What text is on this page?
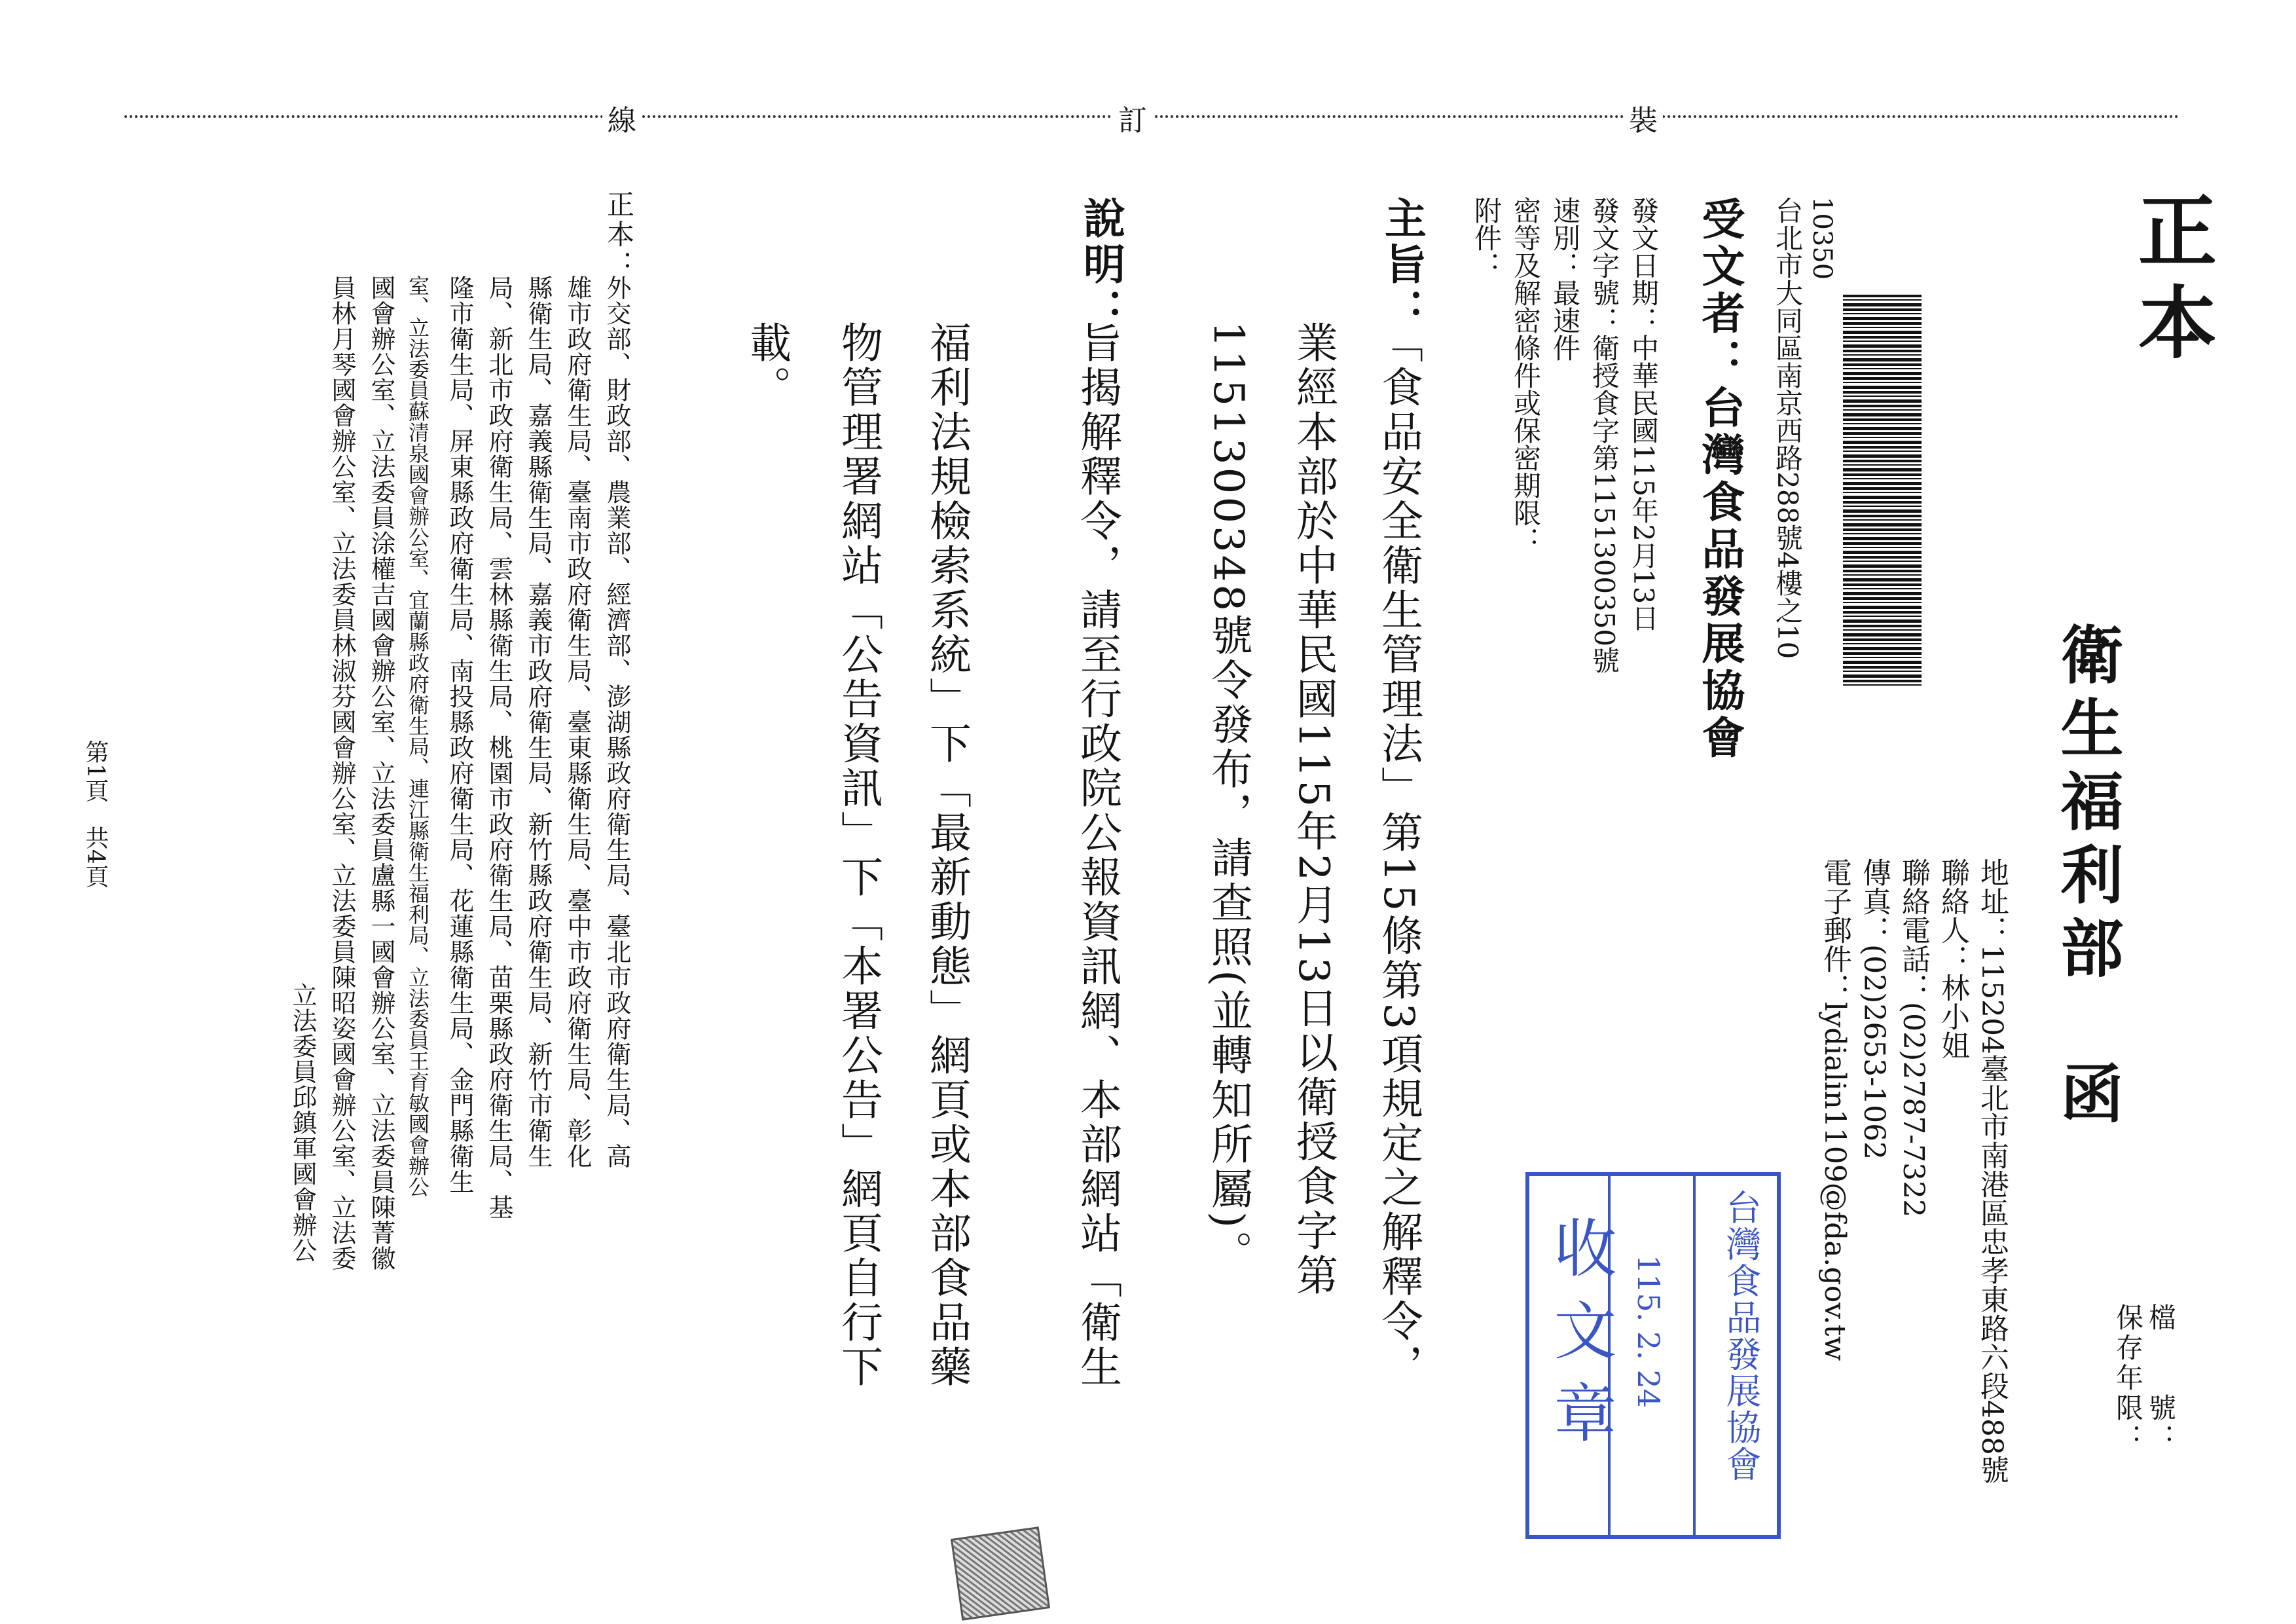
裝
訂
線
正本
檔　　號：
保存年限：
衛生福利部
函
地址：115204臺北市南港區忠孝東路六段488號
聯絡人：林小姐
聯絡電話：(02)2787-7322
傳真：(02)2653-1062
電子郵件：lydialin1109@fda.gov.tw
10350
台北市大同區南京西路288號4樓之10
受文者：台灣食品發展協會
發文日期：中華民國115年2月13日
發文字號：衛授食字第1151300350號
速別：最速件
密等及解密條件或保密期限：
附件：
主旨：
「食品安全衛生管理法」第15條第3項規定之解釋令，
業經本部於中華民國115年2月13日以衛授食字第
1151300348號令發布，請查照(並轉知所屬)。
說明：
旨揭解釋令，請至行政院公報資訊網、本部網站「衛生
福利法規檢索系統」下「最新動態」網頁或本部食品藥
物管理署網站「公告資訊」下「本署公告」網頁自行下
載。
正本：
外交部、財政部、農業部、經濟部、澎湖縣政府衛生局、臺北市政府衛生局、高
雄市政府衛生局、臺南市政府衛生局、臺東縣衛生局、臺中市政府衛生局、彰化
縣衛生局、嘉義縣衛生局、嘉義市政府衛生局、新竹縣政府衛生局、新竹市衛生
局、新北市政府衛生局、雲林縣衛生局、桃園市政府衛生局、苗栗縣政府衛生局、基
隆市衛生局、屏東縣政府衛生局、南投縣政府衛生局、花蓮縣衛生局、金門縣衛生
室、立法委員蘇清泉國會辦公室、宜蘭縣政府衛生局、連江縣衛生福利局、立法委員王育敏國會辦公
國會辦公室、立法委員涂權吉國會辦公室、立法委員盧縣一國會辦公室、立法委員陳菁徽
員林月琴國會辦公室、立法委員林淑芬國會辦公室、立法委員陳昭姿國會辦公室、立法委
立法委員邱鎮軍國會辦公
台灣食品發展協會
115. 2. 24
收文章
第1頁　共4頁
